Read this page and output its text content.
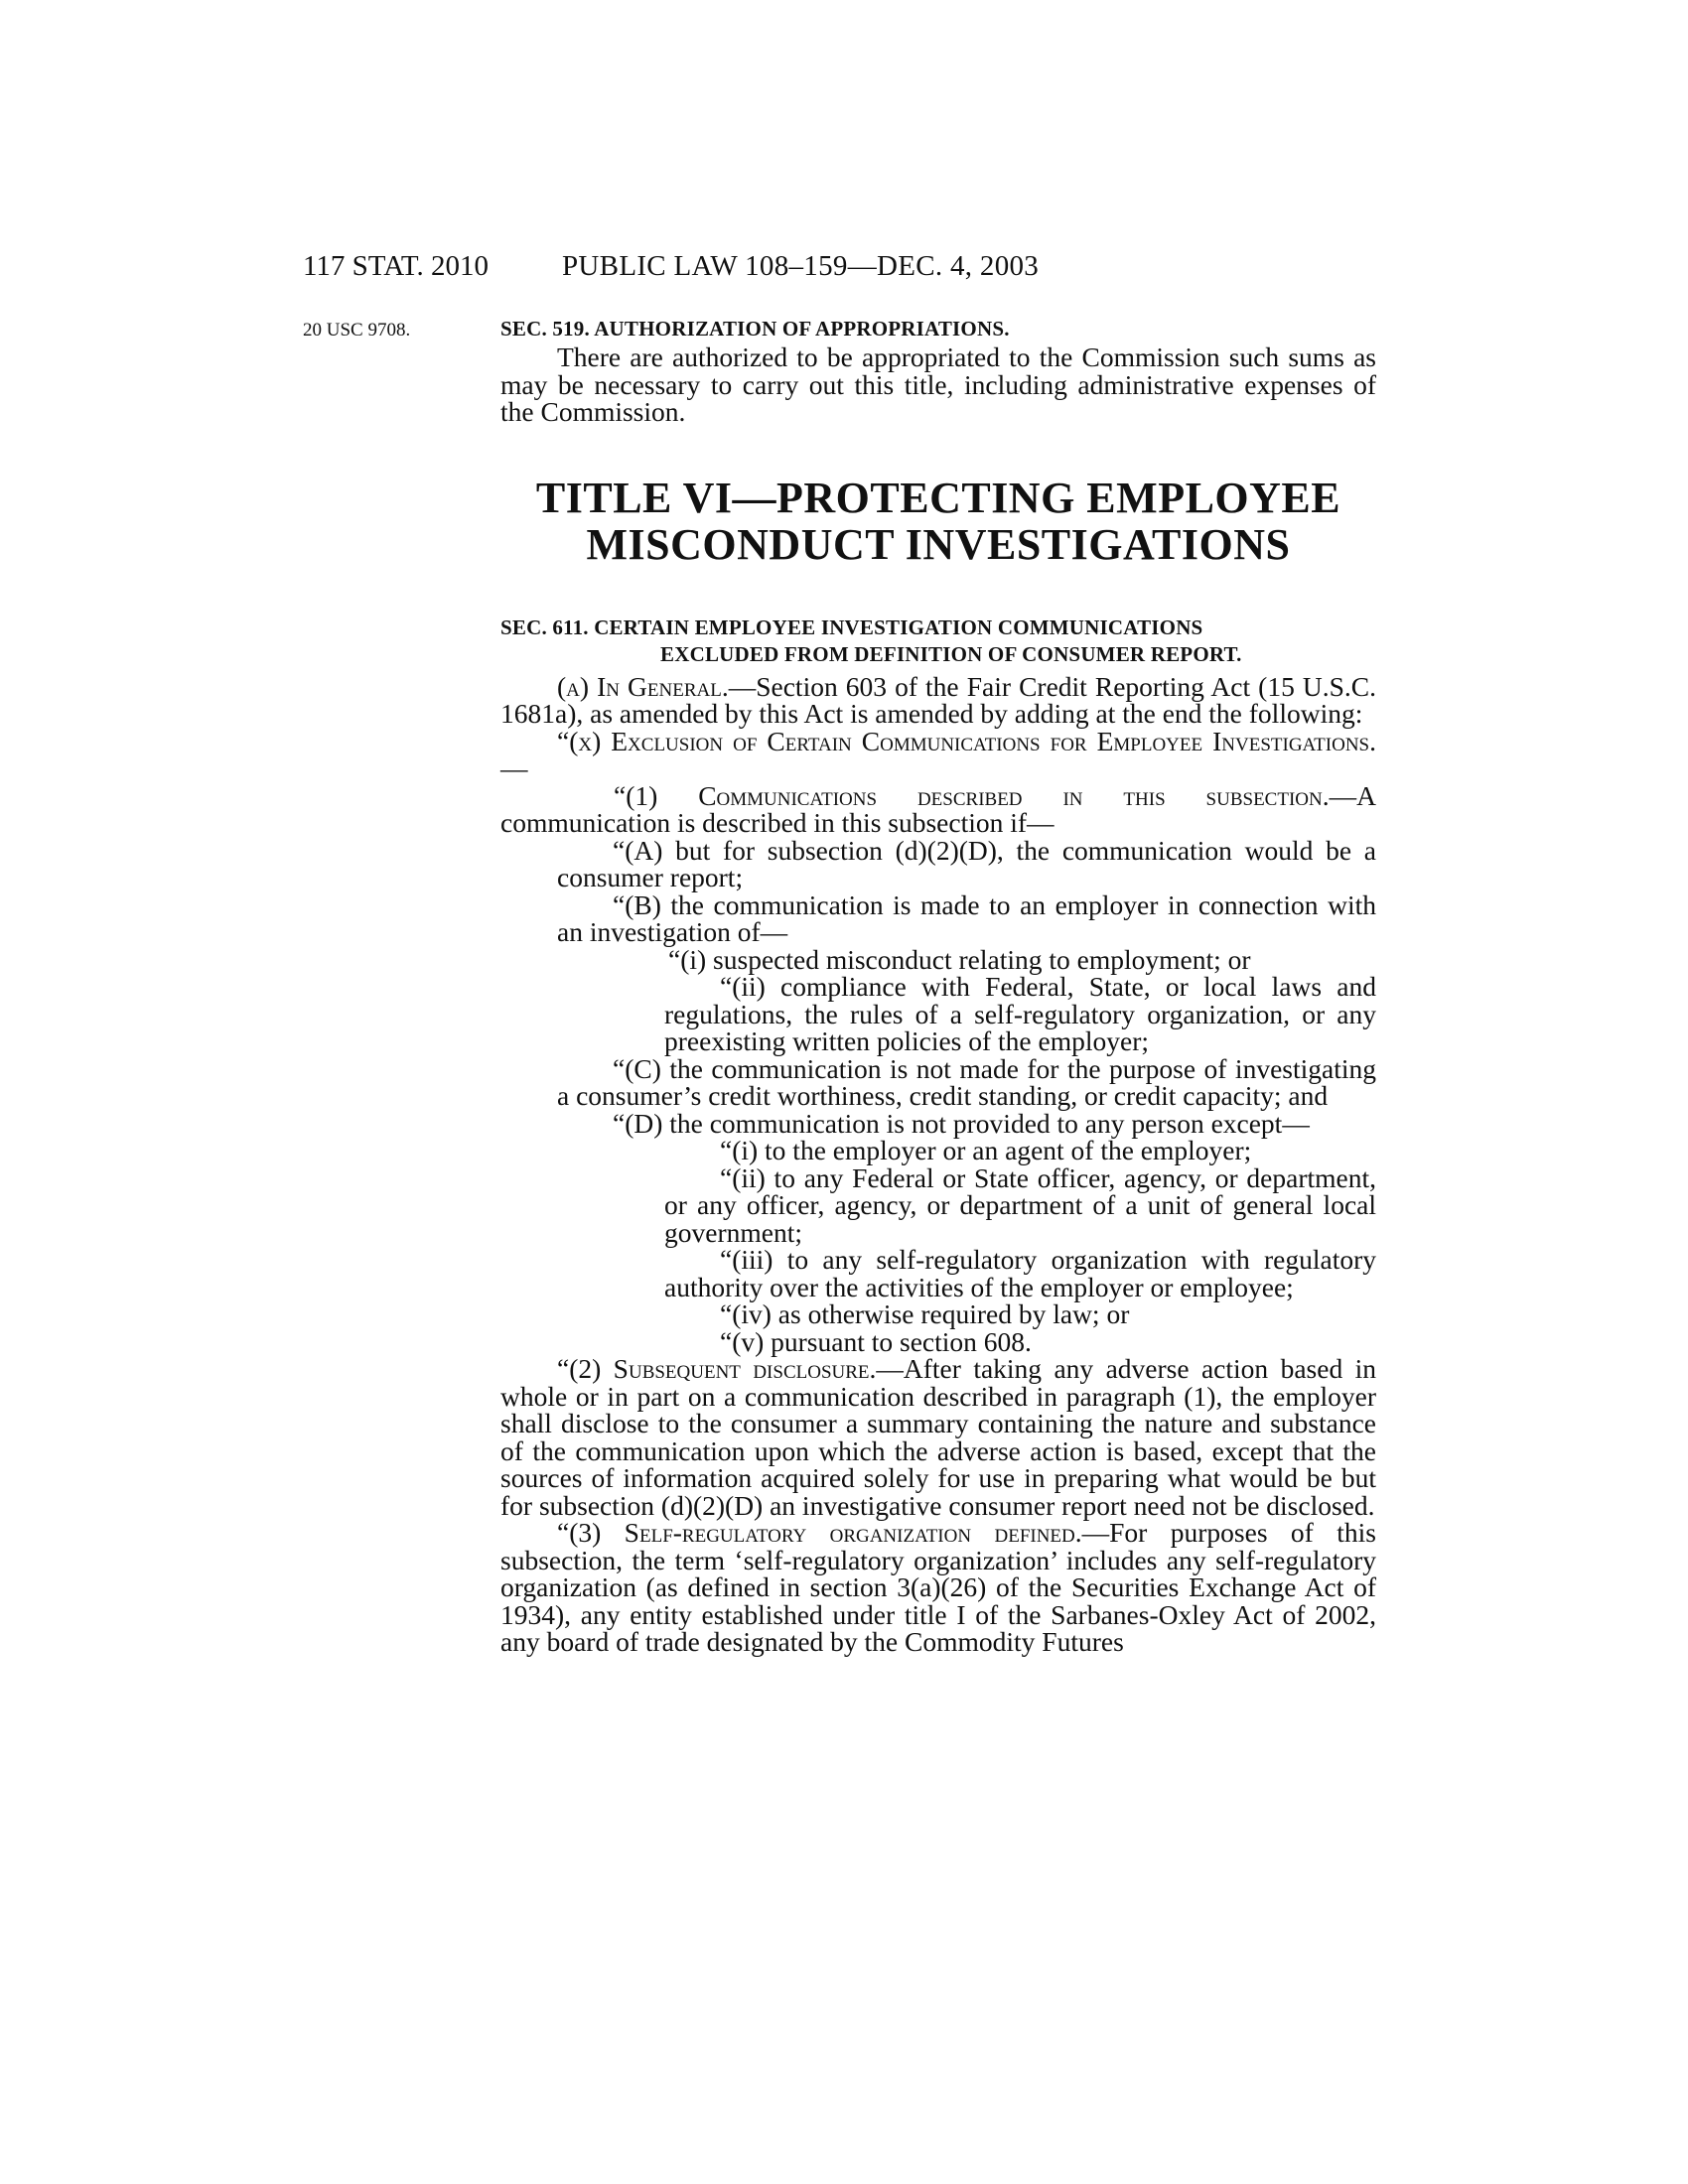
117 STAT. 2010	PUBLIC LAW 108–159—DEC. 4, 2003
20 USC 9708.	SEC. 519. AUTHORIZATION OF APPROPRIATIONS.

There are authorized to be appropriated to the Commission such sums as may be necessary to carry out this title, including administrative expenses of the Commission.

TITLE VI—PROTECTING EMPLOYEE
MISCONDUCT INVESTIGATIONS
SEC. 611. CERTAIN EMPLOYEE INVESTIGATION COMMUNICATIONS
EXCLUDED FROM DEFINITION OF CONSUMER REPORT.

(a) In General.—Section 603 of the Fair Credit Reporting Act (15 U.S.C. 1681a), as amended by this Act is amended by adding at the end the following:

“(x) Exclusion of Certain Communications for Employee Investigations.—

“(1) Communications described in this subsection.—A communication is described in this subsection if—

“(A) but for subsection (d)(2)(D), the communication would be a consumer report;

“(B) the communication is made to an employer in connection with an investigation of—

“(i) suspected misconduct relating to employment; or

“(ii) compliance with Federal, State, or local laws and regulations, the rules of a self-regulatory organization, or any preexisting written policies of the employer;

“(C) the communication is not made for the purpose of investigating a consumer’s credit worthiness, credit standing, or credit capacity; and

“(D) the communication is not provided to any person except—

“(i) to the employer or an agent of the employer;

“(ii) to any Federal or State officer, agency, or department, or any officer, agency, or department of a unit of general local government;

“(iii) to any self-regulatory organization with regulatory authority over the activities of the employer or employee;

“(iv) as otherwise required by law; or

“(v) pursuant to section 608.

“(2) Subsequent disclosure.—After taking any adverse action based in whole or in part on a communication described in paragraph (1), the employer shall disclose to the consumer a summary containing the nature and substance of the communication upon which the adverse action is based, except that the sources of information acquired solely for use in preparing what would be but for subsection (d)(2)(D) an investigative consumer report need not be disclosed.

“(3) Self-regulatory organization defined.—For purposes of this subsection, the term ‘self-regulatory organization’ includes any self-regulatory organization (as defined in section 3(a)(26) of the Securities Exchange Act of 1934), any entity established under title I of the Sarbanes-Oxley Act of 2002, any board of trade designated by the Commodity Futures
